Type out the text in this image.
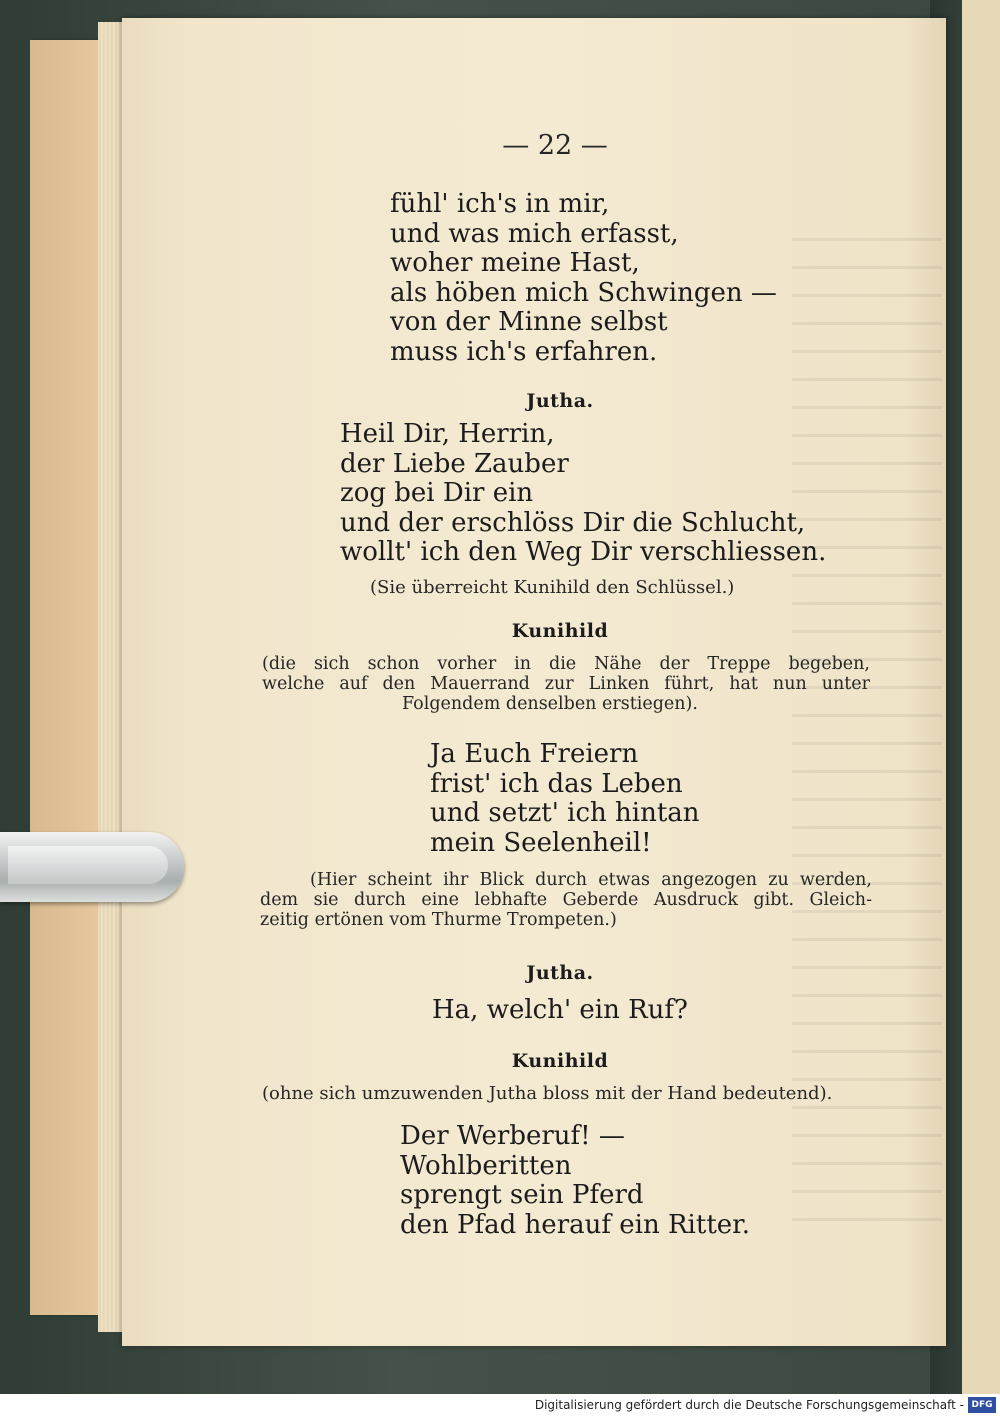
— 22 —
fühl' ich's in mir,
und was mich erfasst,
woher meine Hast,
als höben mich Schwingen —
von der Minne selbst
muss ich's erfahren.
Jutha.
Heil Dir, Herrin,
der Liebe Zauber
zog bei Dir ein
und der erschlöss Dir die Schlucht,
wollt' ich den Weg Dir verschliessen.

(Sie überreicht Kunihild den Schlüssel.)

Kunihild
(die sich schon vorher in die Nähe der Treppe begeben,
welche auf den Mauerrand zur Linken führt, hat nun unter
Folgendem denselben erstiegen).
Ja Euch Freiern
frist' ich das Leben
und setzt' ich hintan
mein Seelenheil!
(Hier scheint ihr Blick durch etwas angezogen zu werden,
dem sie durch eine lebhafte Geberde Ausdruck gibt. Gleich-
zeitig ertönen vom Thurme Trompeten.)
Jutha.
Ha, welch' ein Ruf?
Kunihild

(ohne sich umzuwenden Jutha bloss mit der Hand bedeutend).

Der Werberuf! —
Wohlberitten
sprengt sein Pferd
den Pfad herauf ein Ritter.
Digitalisierung gefördert durch die Deutsche Forschungsgemeinschaft - DFG
